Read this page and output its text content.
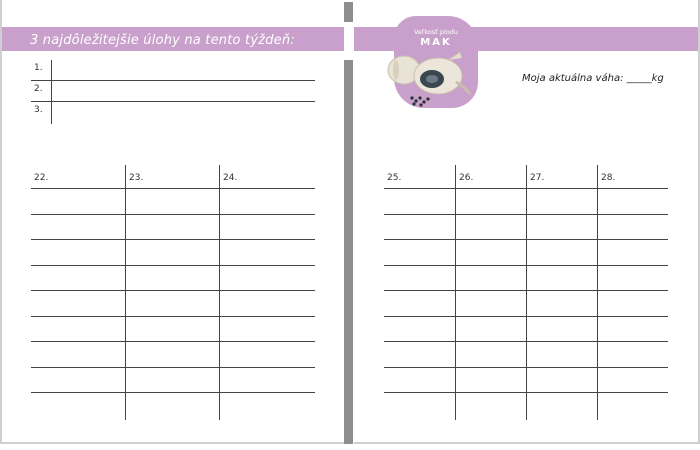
3 najdôležitejšie úlohy na tento týždeň:
1.
2.
3.
22.	23.	24.
Veľkosť plodu
MAK
Moja aktuálna váha: _____kg
25.	26.	27.	28.
